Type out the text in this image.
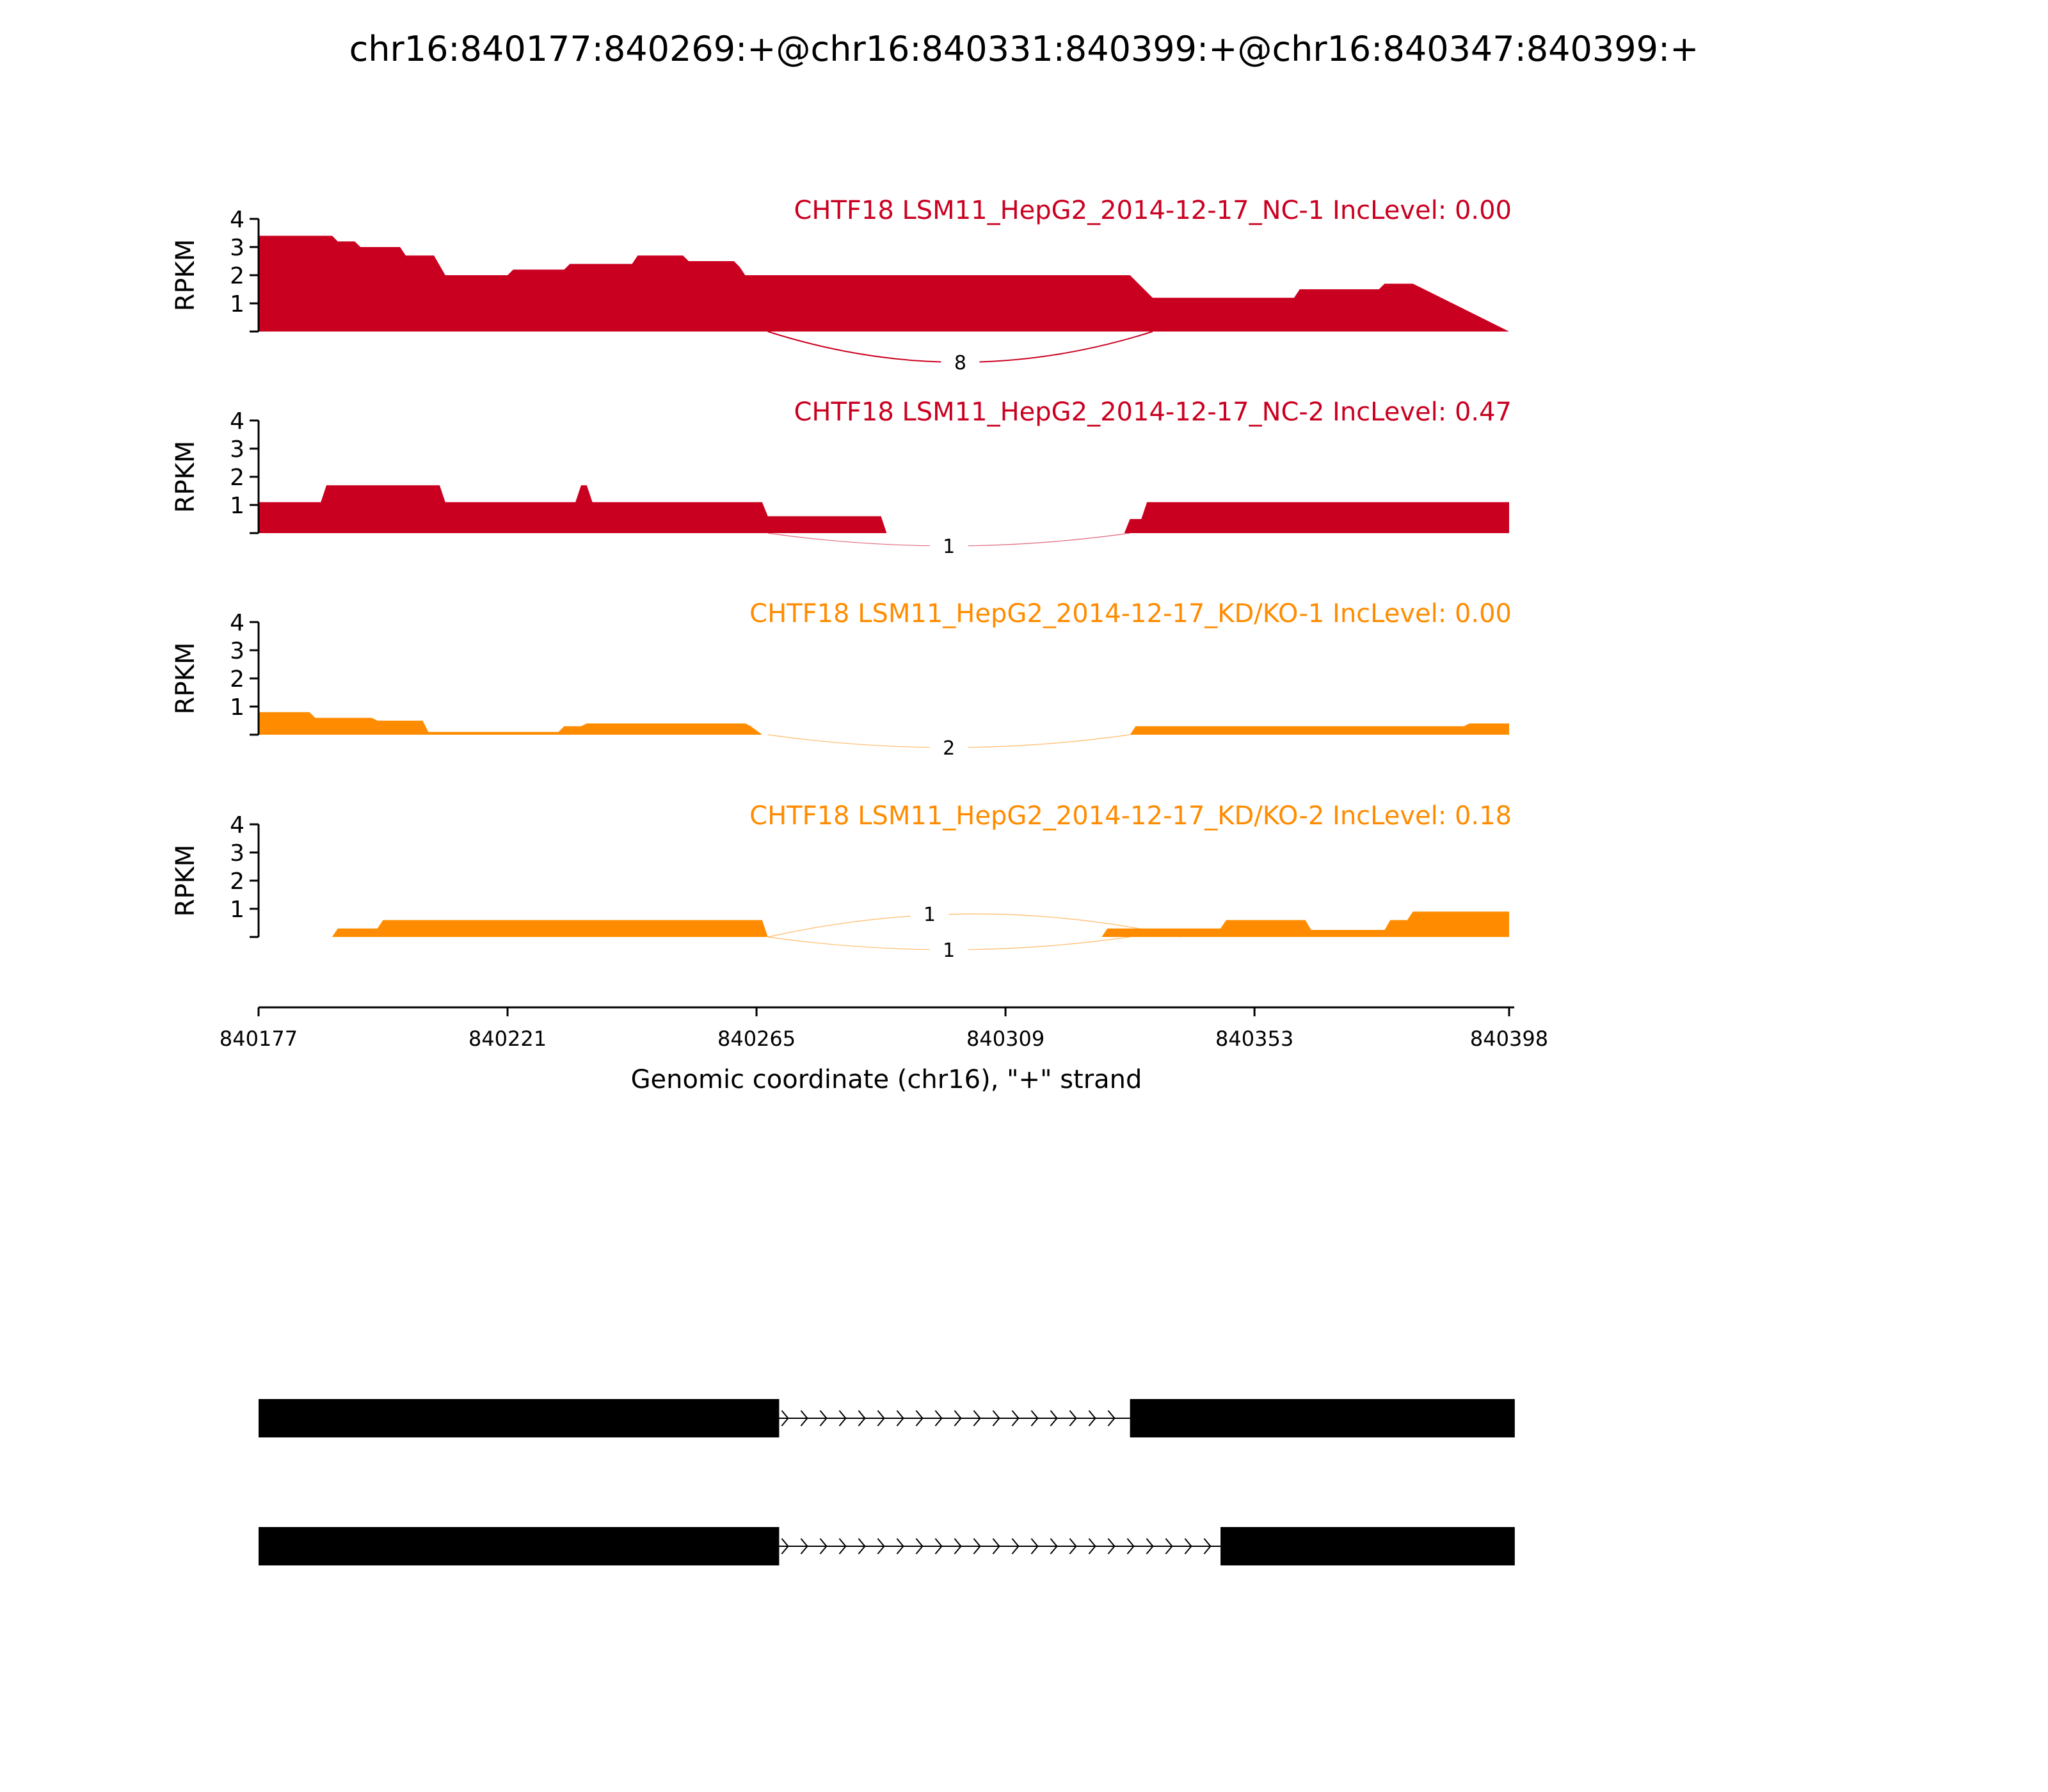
chr16:840177:840269:+@chr16:840331:840399:+@chr16:840347:840399:+
1
2
3
4
RPKM
CHTF18 LSM11_HepG2_2014-12-17_NC-1 IncLevel: 0.00
1
2
3
4
RPKM
CHTF18 LSM11_HepG2_2014-12-17_NC-2 IncLevel: 0.47
1
2
3
4
RPKM
CHTF18 LSM11_HepG2_2014-12-17_KD/KO-1 IncLevel: 0.00
1
2
3
4
RPKM
CHTF18 LSM11_HepG2_2014-12-17_KD/KO-2 IncLevel: 0.18
8
1
2
1
1
840177	840221	840265	840309	840353	840398
Genomic coordinate (chr16), "+" strand
